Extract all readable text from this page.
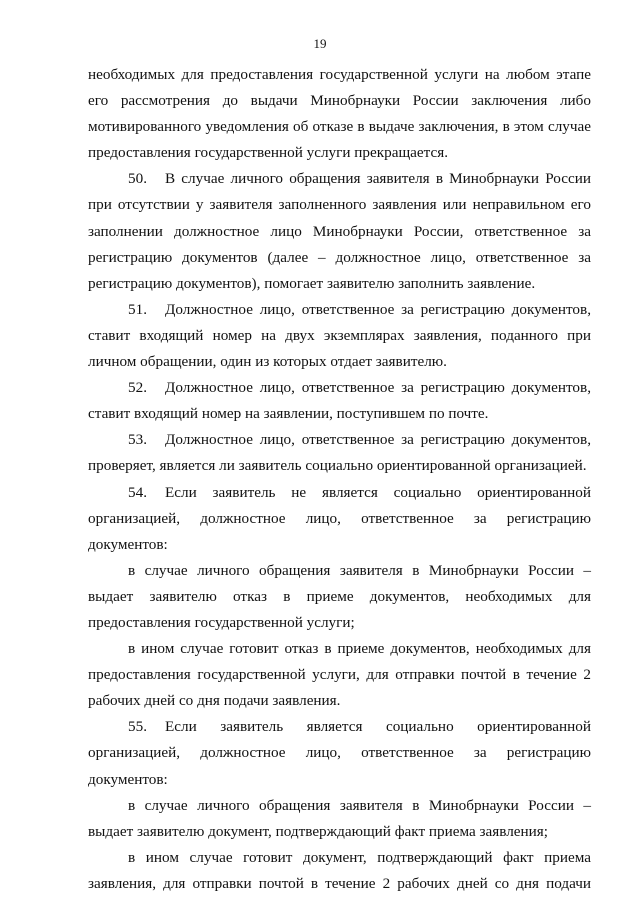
19

необходимых для предоставления государственной услуги на любом этапе его рассмотрения до выдачи Минобрнауки России заключения либо мотивированного уведомления об отказе в выдаче заключения, в этом случае предоставления государственной услуги прекращается.

50. В случае личного обращения заявителя в Минобрнауки России при отсутствии у заявителя заполненного заявления или неправильном его заполнении должностное лицо Минобрнауки России, ответственное за регистрацию документов (далее – должностное лицо, ответственное за регистрацию документов), помогает заявителю заполнить заявление.

51. Должностное лицо, ответственное за регистрацию документов, ставит входящий номер на двух экземплярах заявления, поданного при личном обращении, один из которых отдает заявителю.

52. Должностное лицо, ответственное за регистрацию документов, ставит входящий номер на заявлении, поступившем по почте.

53. Должностное лицо, ответственное за регистрацию документов, проверяет, является ли заявитель социально ориентированной организацией.

54. Если заявитель не является социально ориентированной организацией, должностное лицо, ответственное за регистрацию документов:

в случае личного обращения заявителя в Минобрнауки России – выдает заявителю отказ в приеме документов, необходимых для предоставления государственной услуги;

в ином случае готовит отказ в приеме документов, необходимых для предоставления государственной услуги, для отправки почтой в течение 2 рабочих дней со дня подачи заявления.

55. Если заявитель является социально ориентированной организацией, должностное лицо, ответственное за регистрацию документов:

в случае личного обращения заявителя в Минобрнауки России – выдает заявителю документ, подтверждающий факт приема заявления;

в ином случае готовит документ, подтверждающий факт приема заявления, для отправки почтой в течение 2 рабочих дней со дня подачи
